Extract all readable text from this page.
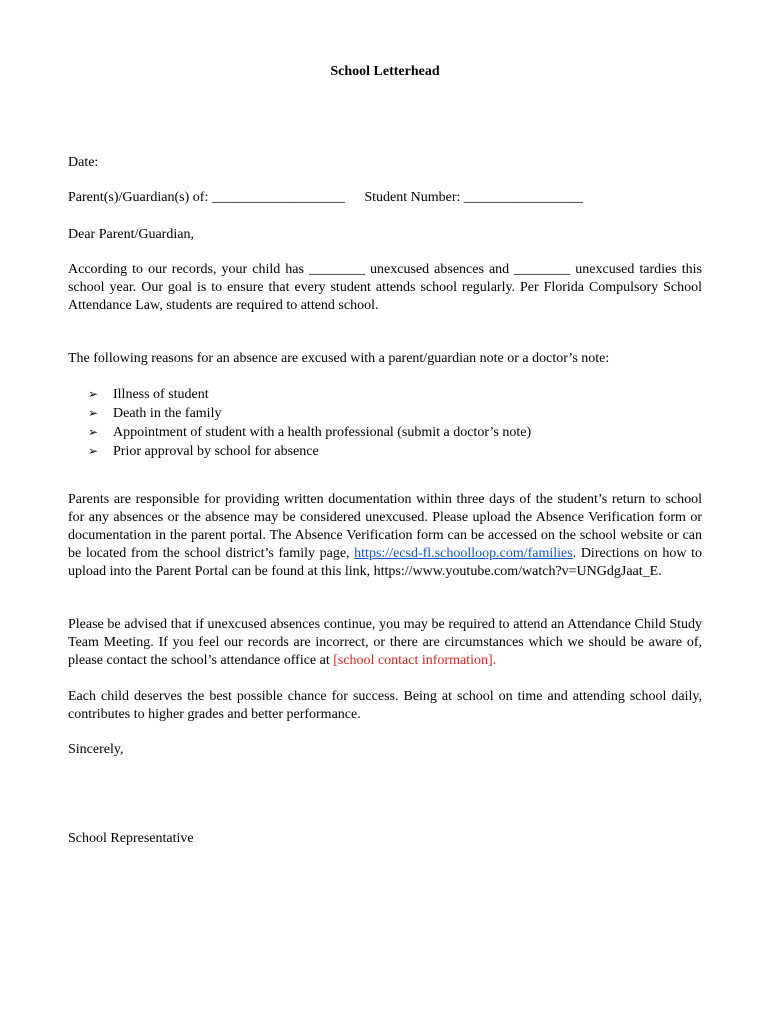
School Letterhead
Date:
Parent(s)/Guardian(s) of: ___________________ Student Number: _________________
Dear Parent/Guardian,
According to our records, your child has ________ unexcused absences and ________ unexcused tardies this school year. Our goal is to ensure that every student attends school regularly. Per Florida Compulsory School Attendance Law, students are required to attend school.
The following reasons for an absence are excused with a parent/guardian note or a doctor’s note:
➢ Illness of student
➢ Death in the family
➢ Appointment of student with a health professional (submit a doctor’s note)
➢ Prior approval by school for absence
Parents are responsible for providing written documentation within three days of the student’s return to school for any absences or the absence may be considered unexcused. Please upload the Absence Verification form or documentation in the parent portal. The Absence Verification form can be accessed on the school website or can be located from the school district’s family page, https://ecsd-fl.schoolloop.com/families. Directions on how to upload into the Parent Portal can be found at this link, https://www.youtube.com/watch?v=UNGdgJaat_E.
Please be advised that if unexcused absences continue, you may be required to attend an Attendance Child Study Team Meeting. If you feel our records are incorrect, or there are circumstances which we should be aware of, please contact the school’s attendance office at [school contact information].
Each child deserves the best possible chance for success. Being at school on time and attending school daily, contributes to higher grades and better performance.
Sincerely,
School Representative
